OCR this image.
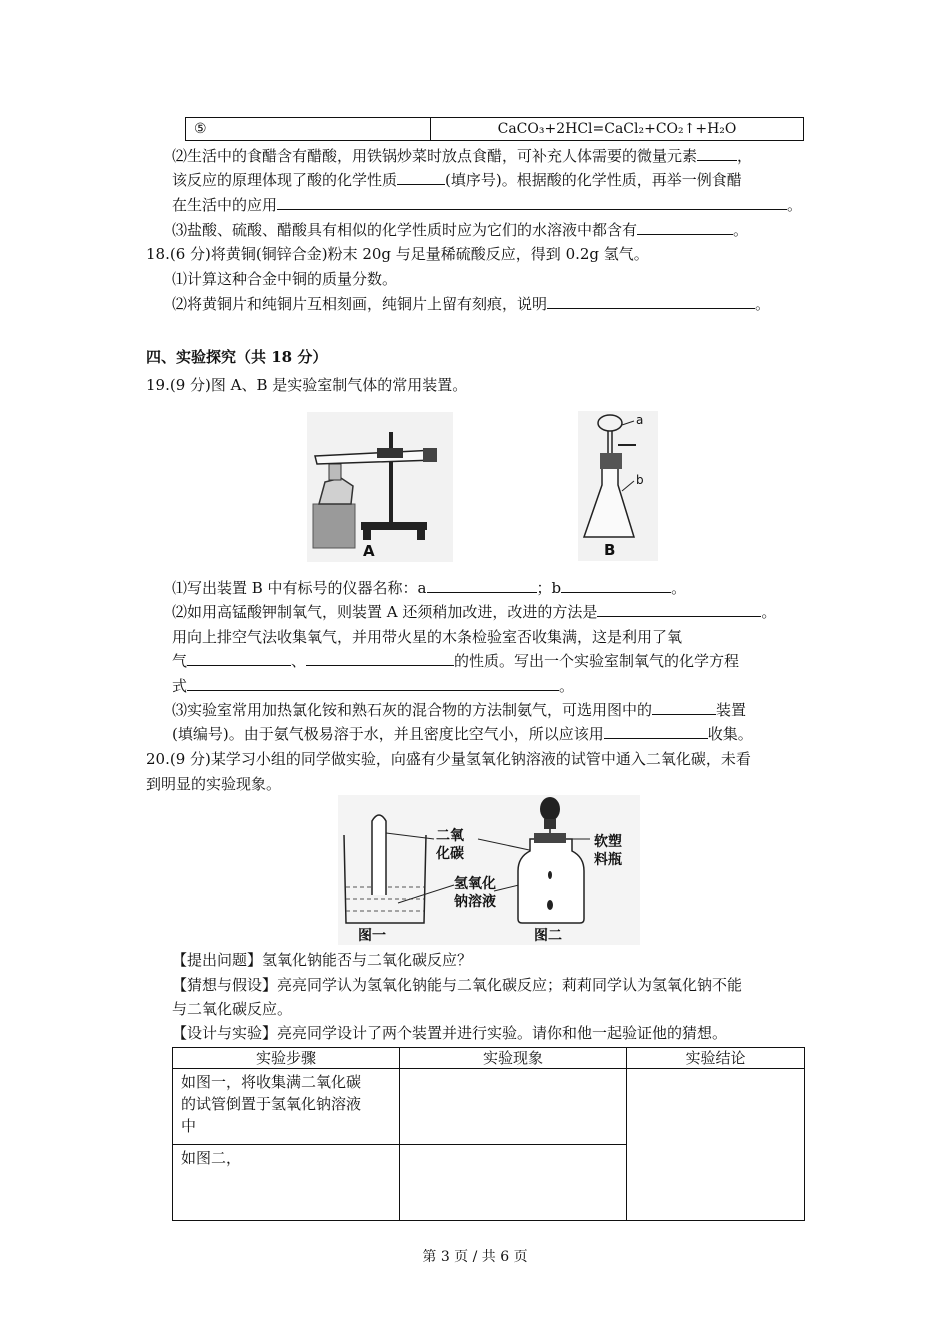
⑤	CaCO₃+2HCl=CaCl₂+CO₂↑+H₂O
⑵生活中的食醋含有醋酸，用铁锅炒菜时放点食醋，可补充人体需要的微量元素	，
该反应的原理体现了酸的化学性质	(填序号)。根据酸的化学性质，再举一例食醋
在生活中的应用	。
⑶盐酸、硫酸、醋酸具有相似的化学性质时应为它们的水溶液中都含有	。
18.(6 分)将黄铜(铜锌合金)粉末 20g 与足量稀硫酸反应，得到 0.2g 氢气。
⑴计算这种合金中铜的质量分数。
⑵将黄铜片和纯铜片互相刻画，纯铜片上留有刻痕，说明	。
四、实验探究（共 18 分）
19.(9 分)图 A、B 是实验室制气体的常用装置。
A
a
b
B
⑴写出装置 B 中有标号的仪器名称：a	；b	。
⑵如用高锰酸钾制氧气，则装置 A 还须稍加改进，改进的方法是	。
用向上排空气法收集氧气，并用带火星的木条检验室否收集满，这是利用了氧
气	、	的性质。写出一个实验室制氧气的化学方程
式	。
⑶实验室常用加热氯化铵和熟石灰的混合物的方法制氨气，可选用图中的	装置
(填编号)。由于氨气极易溶于水，并且密度比空气小，所以应该用	收集。
20.(9 分)某学习小组的同学做实验，向盛有少量氢氧化钠溶液的试管中通入二氧化碳，未看
到明显的实验现象。
二氧
化碳
氢氧化
钠溶液
软塑
料瓶
图一	图二
【提出问题】氢氧化钠能否与二氧化碳反应？
【猜想与假设】亮亮同学认为氢氧化钠能与二氧化碳反应；莉莉同学认为氢氧化钠不能
与二氧化碳反应。
【设计与实验】亮亮同学设计了两个装置并进行实验。请你和他一起验证他的猜想。
实验步骤	实验现象	实验结论

如图一，将收集满二氧化碳
的试管倒置于氢氧化钠溶液
中		

如图二，		

第 3 页 / 共 6 页
